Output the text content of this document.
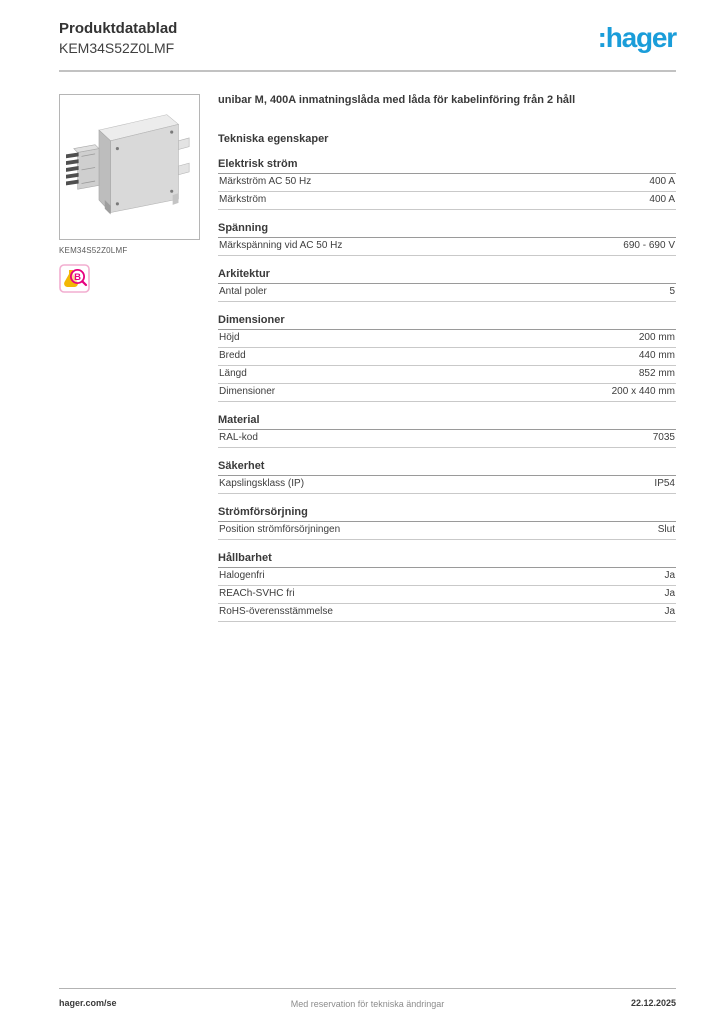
Produktdatablad
KEM34S52Z0LMF	:hager
KEM34S52Z0LMF
B
unibar M, 400A inmatningslåda med låda för kabelinföring från 2 håll
Tekniska egenskaper
Elektrisk ström
Märkström AC 50 Hz	400 A
Märkström	400 A
Spänning
Märkspänning vid AC 50 Hz	690 - 690 V
Arkitektur
Antal poler	5
Dimensioner
Höjd	200 mm
Bredd	440 mm
Längd	852 mm
Dimensioner	200 x 440 mm
Material
RAL-kod	7035
Säkerhet
Kapslingsklass (IP)	IP54
Strömförsörjning
Position strömförsörjningen	Slut
Hållbarhet
Halogenfri	Ja
REACh-SVHC fri	Ja
RoHS-överensstämmelse	Ja
hager.com/se	Med reservation för tekniska ändringar	22.12.2025
